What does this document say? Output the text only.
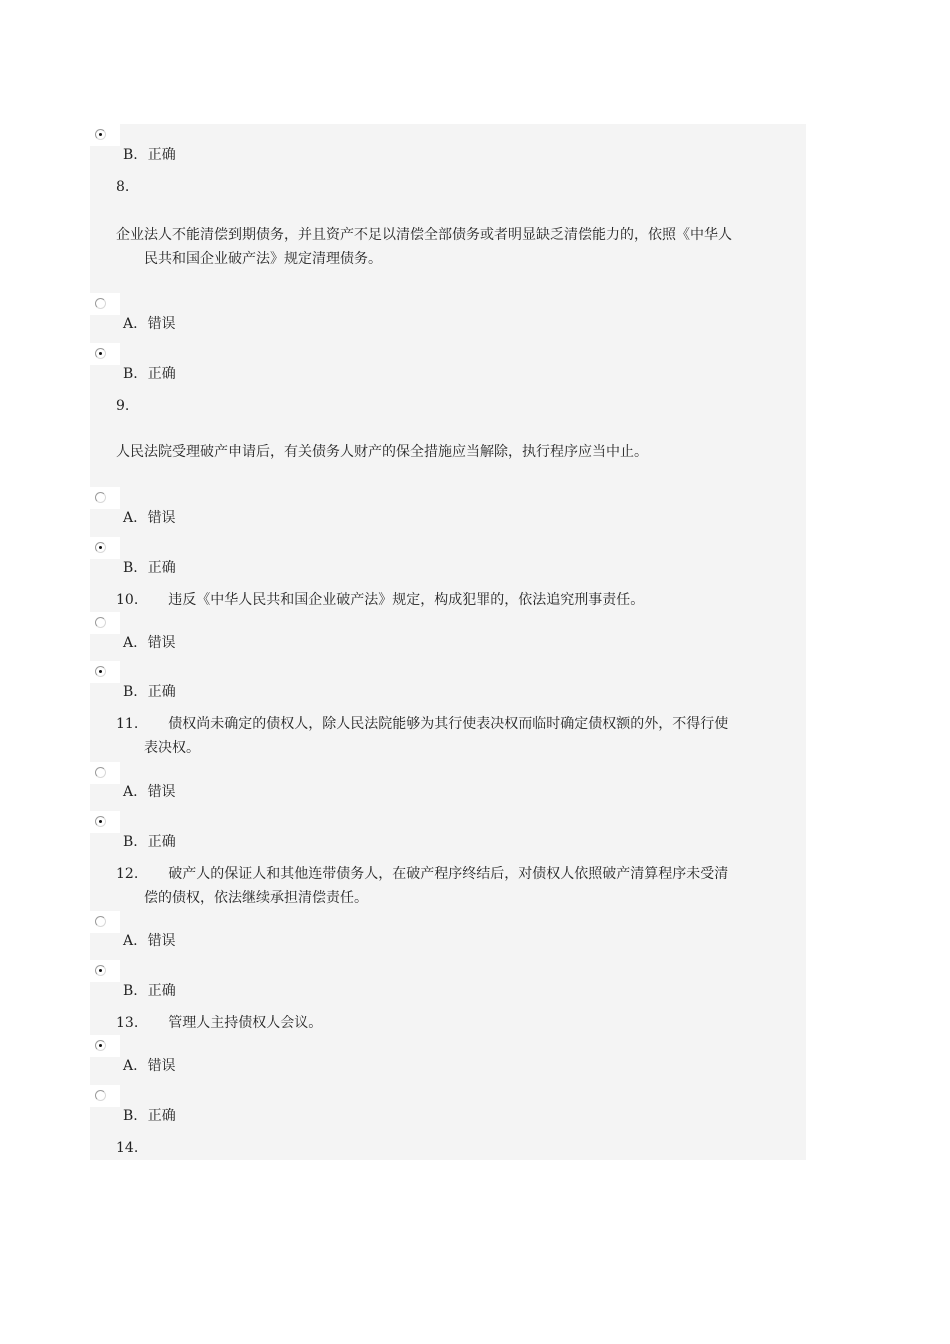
B. 正确
8.
企业法人不能清偿到期债务，并且资产不足以清偿全部债务或者明显缺乏清偿能力的，依照《中华人
民共和国企业破产法》规定清理债务。
A. 错误
B. 正确
9.
人民法院受理破产申请后，有关债务人财产的保全措施应当解除，执行程序应当中止。
A. 错误
B. 正确
10. 违反《中华人民共和国企业破产法》规定，构成犯罪的，依法追究刑事责任。
A. 错误
B. 正确
11. 债权尚未确定的债权人，除人民法院能够为其行使表决权而临时确定债权额的外，不得行使
表决权。
A. 错误
B. 正确
12. 破产人的保证人和其他连带债务人，在破产程序终结后，对债权人依照破产清算程序未受清
偿的债权，依法继续承担清偿责任。
A. 错误
B. 正确
13. 管理人主持债权人会议。
A. 错误
B. 正确
14.
